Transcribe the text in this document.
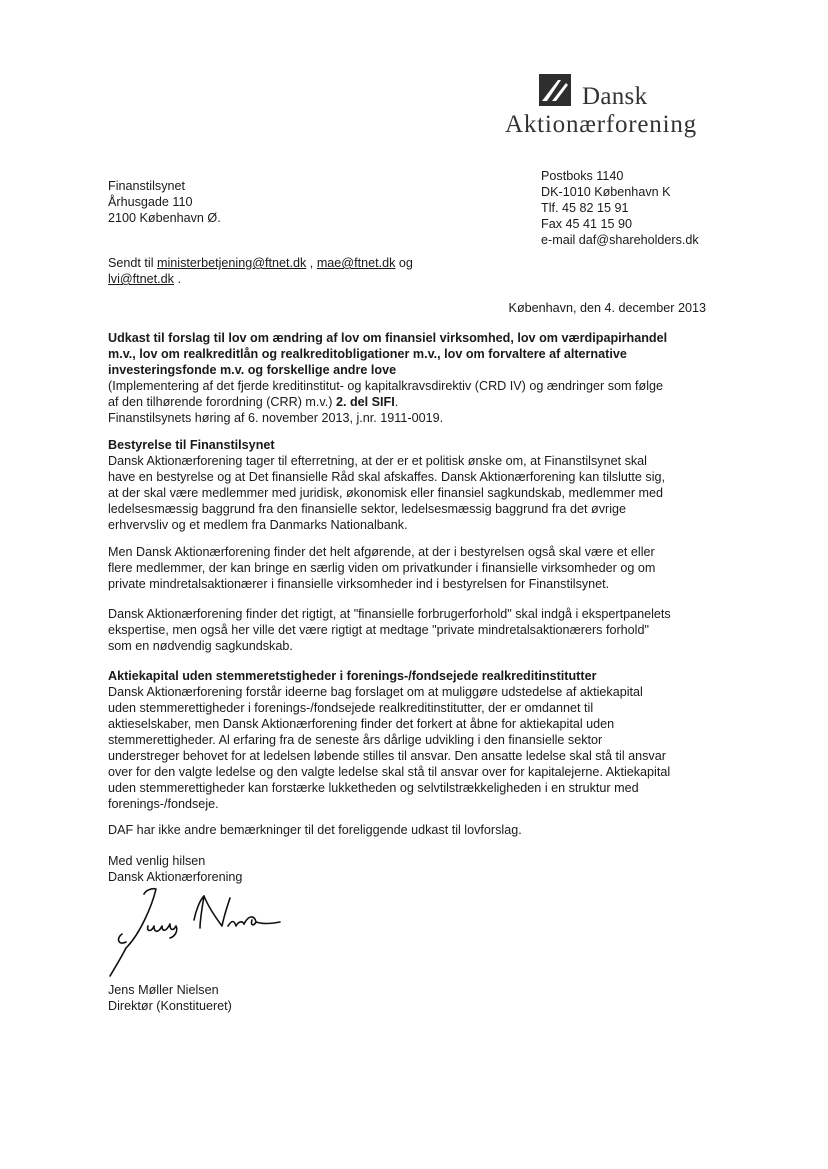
Dansk
Aktionærforening
Postboks 1140
DK-1010 København K
Tlf. 45 82 15 91
Fax 45 41 15 90
e-mail daf@shareholders.dk
Finanstilsynet
Århusgade 110
2100 København Ø.
Sendt til ministerbetjening@ftnet.dk , mae@ftnet.dk og
lvi@ftnet.dk .
København, den 4. december 2013
Udkast til forslag til lov om ændring af lov om finansiel virksomhed, lov om værdipapirhandel
m.v., lov om realkreditlån og realkreditobligationer m.v., lov om forvaltere af alternative
investeringsfonde m.v. og forskellige andre love
(Implementering af det fjerde kreditinstitut- og kapitalkravsdirektiv (CRD IV) og ændringer som følge
af den tilhørende forordning (CRR) m.v.) 2. del SIFI.
Finanstilsynets høring af 6. november 2013, j.nr. 1911-0019.
Bestyrelse til Finanstilsynet
Dansk Aktionærforening tager til efterretning, at der er et politisk ønske om, at Finanstilsynet skal
have en bestyrelse og at Det finansielle Råd skal afskaffes. Dansk Aktionærforening kan tilslutte sig,
at der skal være medlemmer med juridisk, økonomisk eller finansiel sagkundskab, medlemmer med
ledelsesmæssig baggrund fra den finansielle sektor, ledelsesmæssig baggrund fra det øvrige
erhvervsliv og et medlem fra Danmarks Nationalbank.
Men Dansk Aktionærforening finder det helt afgørende, at der i bestyrelsen også skal være et eller
flere medlemmer, der kan bringe en særlig viden om privatkunder i finansielle virksomheder og om
private mindretalsaktionærer i finansielle virksomheder ind i bestyrelsen for Finanstilsynet.
Dansk Aktionærforening finder det rigtigt, at "finansielle forbrugerforhold" skal indgå i ekspertpanelets
ekspertise, men også her ville det være rigtigt at medtage "private mindretalsaktionærers forhold"
som en nødvendig sagkundskab.
Aktiekapital uden stemmeretstigheder i forenings-/fondsejede realkreditinstitutter
Dansk Aktionærforening forstår ideerne bag forslaget om at muliggøre udstedelse af aktiekapital
uden stemmerettigheder i forenings-/fondsejede realkreditinstitutter, der er omdannet til
aktieselskaber, men Dansk Aktionærforening finder det forkert at åbne for aktiekapital uden
stemmerettigheder. Al erfaring fra de seneste års dårlige udvikling i den finansielle sektor
understreger behovet for at ledelsen løbende stilles til ansvar. Den ansatte ledelse skal stå til ansvar
over for den valgte ledelse og den valgte ledelse skal stå til ansvar over for kapitalejerne. Aktiekapital
uden stemmerettigheder kan forstærke lukketheden og selvtilstrækkeligheden i en struktur med
forenings-/fondseje.
DAF har ikke andre bemærkninger til det foreliggende udkast til lovforslag.
Med venlig hilsen
Dansk Aktionærforening
Jens Møller Nielsen
Direktør (Konstitueret)
